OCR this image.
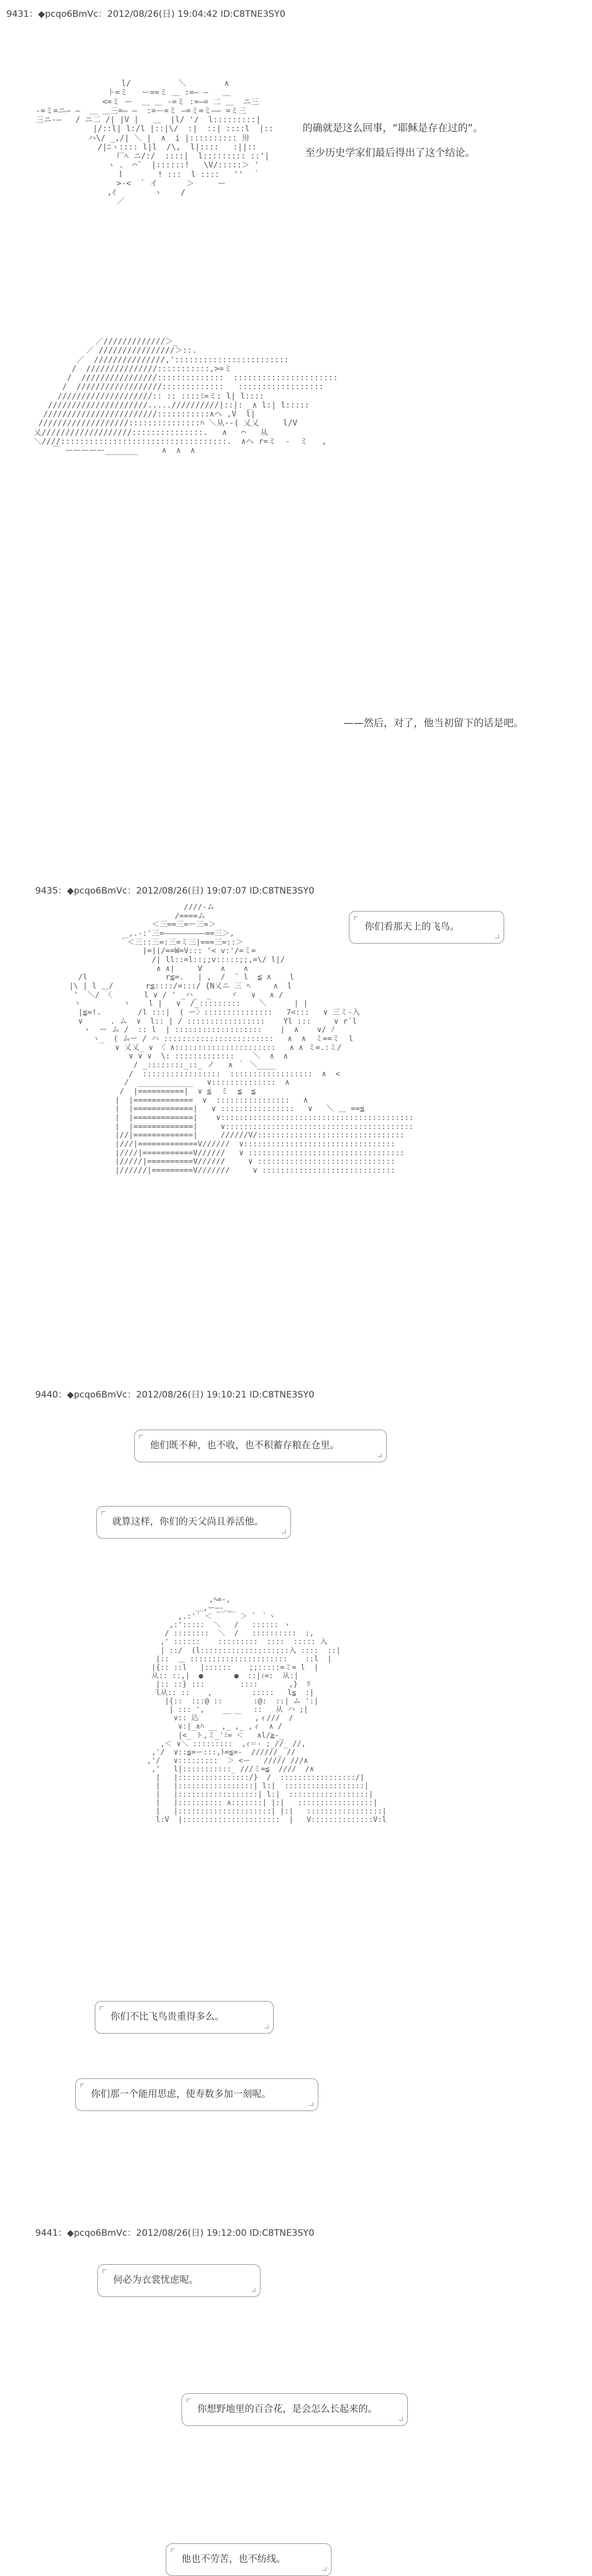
9431：◆pcqo6BmVc：2012/08/26(日) 19:04:42 ID:C8TNE3SY0
l/          ＼        ∧
ト=ミ   ー==ミ ＿ :=― ―   ＿
<=ミ ー  ＿ ＿ -=ミ :=―= 二 ＿  ニ三
-=ミ=ニ― ―  ＿ ＿三=― ―  :=ー=ミ ―=ミ=ミ―― =ミ三
三ニ-―   / ニ二 /| |V |   ＿  |l/ '/  l:::::::::|
|/::l| l:/l |::|\/  :|  ::| ::::l  |::
ハ\/ _,/| ＼ |  ∧  i |:::::::::: 卅
/|ﾆヽ:::: l|l  /\,  l|::::   :||::
厂ﾍ ニ/:/  ::::|  l::::::::: ::'|
ヽ 、 ⌒¨  |::::::!   \V/:::::＞ '
ｌ       ! :::  l ::::   ''  ｀
>-<  ` イ      ＞     ー
,ｲ        ヽ    /
／

的确就是这么回事，“耶稣是存在过的”。
至少历史学家们最后得出了这个结论。
／/////////////＞_
／ ////////////////＞::.
／  ///////////////,'::::::::::::::::::::::::
/  ///////////////:::::::::::,>=ミ
/  ////////////////::::::::::::::  ::::::::::::::::::::::
/  //////////////////:::::::::::::   ::::::::::::::::::
////////////////////:: :: ::::ﾐ=ミ: l| l::::
/////////////////////.....//////////|::|: _∧ l:| l:::::
////////////////////////:::::::::::∧ヘ ,V  l|
///////////////////:::::::::::::::ﾊ ＼从--( 乂乂     l/V
乂///////////////////:::::::::::::::.   ∧   ⌒   从
＼////:::::::::::::::::::::::::::::::::::.  ∧ヘ r=ミ  -  ミ   ,
￣ ーーーーー_______     ∧  ∧  ∧

——然后，对了，他当初留下的话是吧。

9435：◆pcqo6BmVc：2012/08/26(日) 19:07:07 ID:C8TNE3SY0

////‐ム
/====ム
＜三==三=ー三=＞
_,.-:'三=―――――――――==三＞,
｀＜三::三=:三=ミ三|===三=::＞
|=||/==W=V::: '< v:'/=ミ=
/| ll::=l::;;v:::::;;,=\/ l|/
∧ ∧|     V    ∧    ∧
/l                 r≦=.   | ,  /  ¨ l  ≦ ∧    l
|\ | l ＿/       r≦::::/=:::/ {N乂ニ 三 ﾍ     ∧  l
'  ＼/ 〈       l ∨ / ' _ハ_  _    ヾ   ∨   ∧ /
ヽ         ヽ    l |   ∨  /_:::::::::    ＼      | |
|≦=!.        /l :::|  ( ー〉:::::::::::::::   7<:::   ∨ 三ミ-入
∨      . ム  ∨  l:: | / :::::::::::::::::    Yl :::     ∨ r´l
ヽ  ー ム /  :: l  | :::::::::::::::::::    |  ∧    ∨/ ﾉ
ヽ_  ( ムー / ハ ::::::::::::::::::::::::   ∧  ∧  ミ==ミ  l
∨ 乂乂_ ∨ 〈 ∧::::::::::::::::::::::   ∧ ∧ ミ=.:ミ/
∨ ∨ ∨  \: :::::::::::::    ＼  ∧  ∧
/ _::::::::_::_ ノ   ∧ ｀ ＼____
/  :::::::::::::::::  ::::::::::::::::::  ∧  <
/  ____________   ∨::::::::::::::  ∧
/  |==========|  ∨ ≦  ミ  ≦  ≦
|  |=============  ∨  ::::::::::::::::   ∧
|  |=============|   ∨ ::::::::::::::::   ∨   ＼ ＿ ==≦
|  |=============|    ∨::::::::::::::::::::::::::::::::::::::::::
|  |=============|     ∨:::::::::::::::::::::::::::::::::::::::::
|//|=============|     //////V/::::::::::::::::::::::::::::::::
|///|=============V//////  ∨:::::::::::::::::::::::::::::::::
|////|===========V//////   ∨ ::::::::::::::::::::::::::::::::::
|/////|==========V//////     ∨ ::::::::::::::::::::::::::::::
|//////|=========V///////     ∨ :::::::::::::::::::::::::::::

你们看那天上的飞鸟。

9440：◆pcqo6BmVc：2012/08/26(日) 19:10:21 ID:C8TNE3SY0

他们既不种，也不收，也不积蓄存粮在仓里。

就算这样，你们的天父尚且养活他。

,ﾍ=-,
＿,ー―‐＿
,.:'´ ＜ ￣ ￣ ＞ ` ｀ヽ
,:':::::  ＼   /   :::::: ヽ
/ ::::::::  ＼  /   ::::::::::  :,
,' ::::::    :::::::::  ::::  ::::: 入
| ::/  (l::::::::::::::::::::入 ::::  ::|
|::  ＿ ::::::::::::::::::::::    ::l  |
|{:: ::l   |::::::    ;;:::::=ミ= l  |
从:: ::,|  ●       ●  ::|ｨ=:  从:|
|:: ::} :::        ::::       ,}  ﾘ
l从:: ::    ,         :::::   l≦  :|
|{::  :::@ ::       :@:  ::| ム ':|
| ::: ',    __     ::   从 ハ ;|
∨:: 込        ￣   ,ィ///  /
∨:|_∧ﾊ __ ,_ ,_ ,ィ  ∧ /
|<_ ト,ミ_'ﾐ= ＜   ∧l/≧-_
,＜ ∨＼ :::::::::  ,ｨ＝‐ ;_//_ //,
,'/  ∨::≦=ー:::,ﾄ=≦=‐  //////_ //
,'/   ∨:::::::::  ＞ <ー   ///// ///∧
,'   l|:::::::::::_ ///ミ=≦  ////  /∧
|   |::::::::::::::::/}  /  :::::::::::::::::/|
|   |:::::::::::::::::| l:|  ::::::::::::::::::|
|   |::::::::::::::::::| l:|  ::::::::::::::::::|
|   |:::::::::: ∧:::::::| |:|   :::::::::::::::::|
|   |:::::::::::::::::::::| |:|   :::::::::::::::::|
l:V  |::::::::::::::::::::::  |   V::::::::::::::V:l

你们不比飞鸟贵重得多么。

你们那一个能用思虑，使寿数多加一刻呢。

9441：◆pcqo6BmVc：2012/08/26(日) 19:12:00 ID:C8TNE3SY0

何必为衣裳忧虑呢。

你想野地里的百合花，是会怎么长起来的。

他也不劳苦，也不纺线。
